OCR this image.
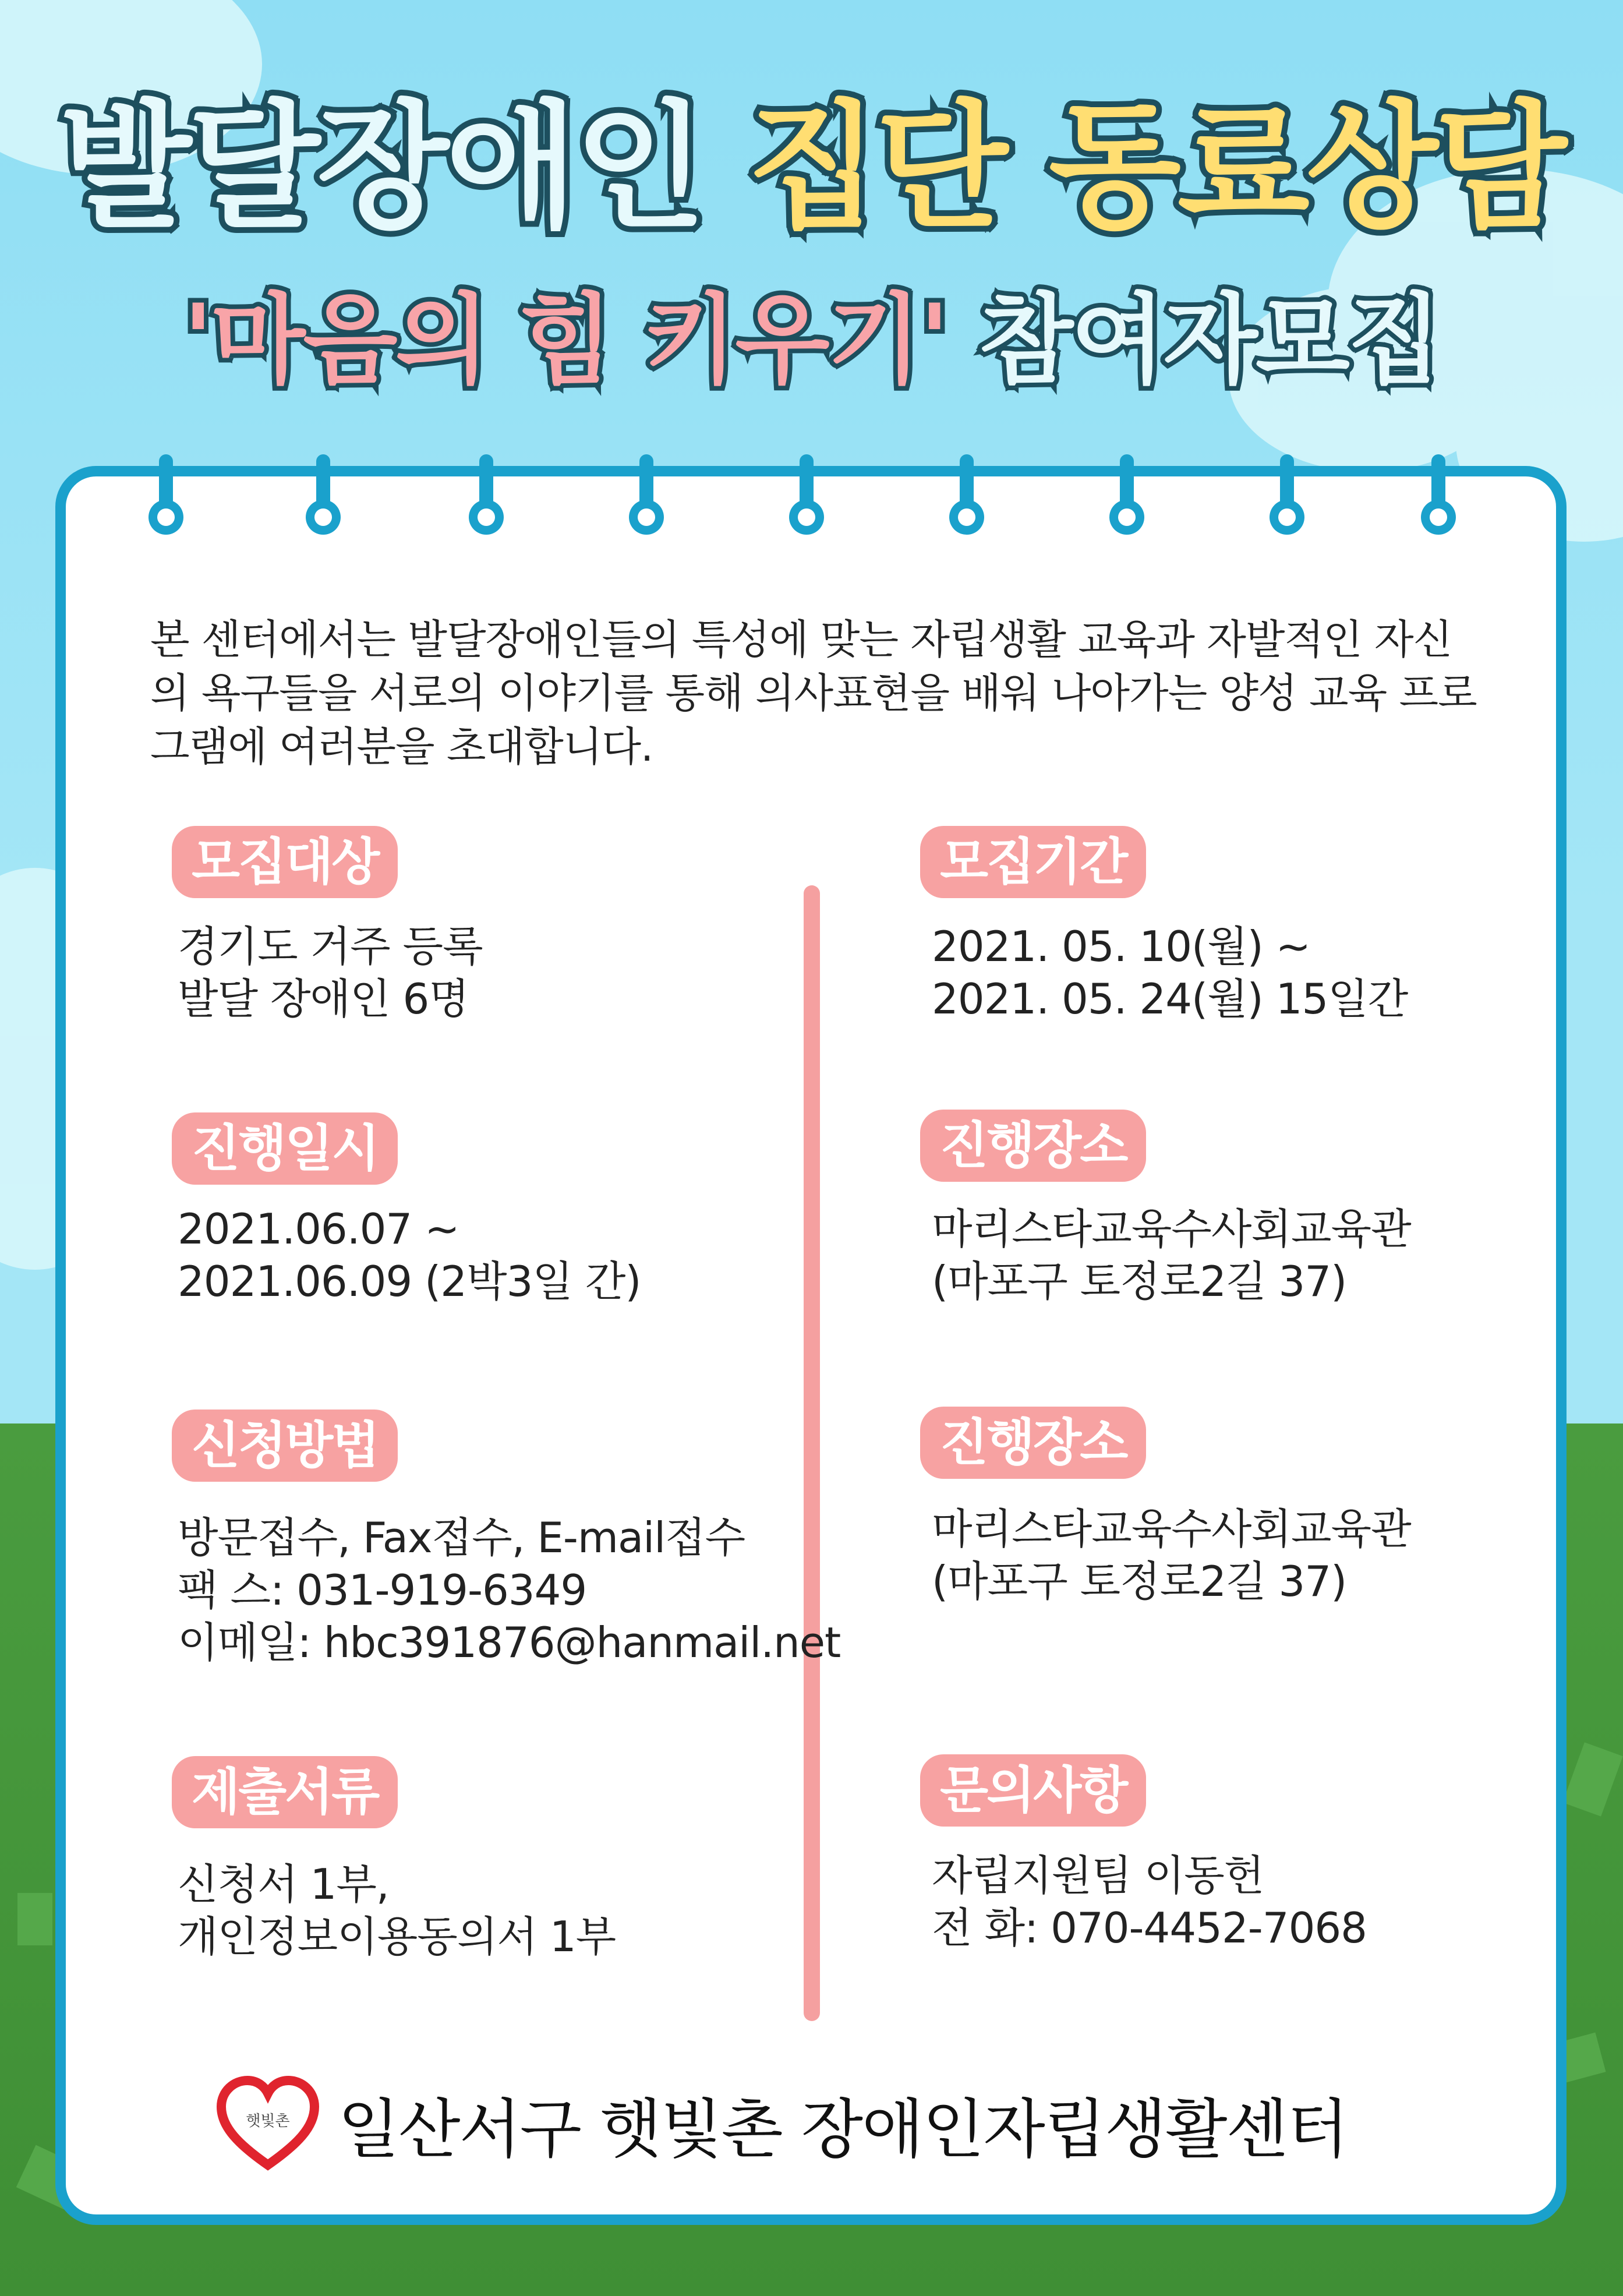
발달장애인 집단 동료상담
'마음의 힘 키우기' 참여자모집
본 센터에서는 발달장애인들의 특성에 맞는 자립생활 교육과 자발적인 자신의 욕구들을 서로의 이야기를 통해 의사표현을 배워 나아가는 양성 교육 프로그램에 여러분을 초대합니다.
모집대상
경기도 거주 등록
발달 장애인 6명
진행일시
2021.06.07 ~
2021.06.09 (2박3일 간)
신청방법
방문접수, Fax접수, E-mail접수
팩 스: 031-919-6349
이메일: hbc391876@hanmail.net
제출서류
신청서 1부,
개인정보이용동의서 1부
모집기간
2021. 05. 10(월) ~
2021. 05. 24(월) 15일간
진행장소
마리스타교육수사회교육관
(마포구 토정로2길 37)
진행장소
마리스타교육수사회교육관
(마포구 토정로2길 37)
문의사항
자립지원팀 이동헌
전 화: 070-4452-7068
햇빛촌 일산서구 햇빛촌 장애인자립생활센터
